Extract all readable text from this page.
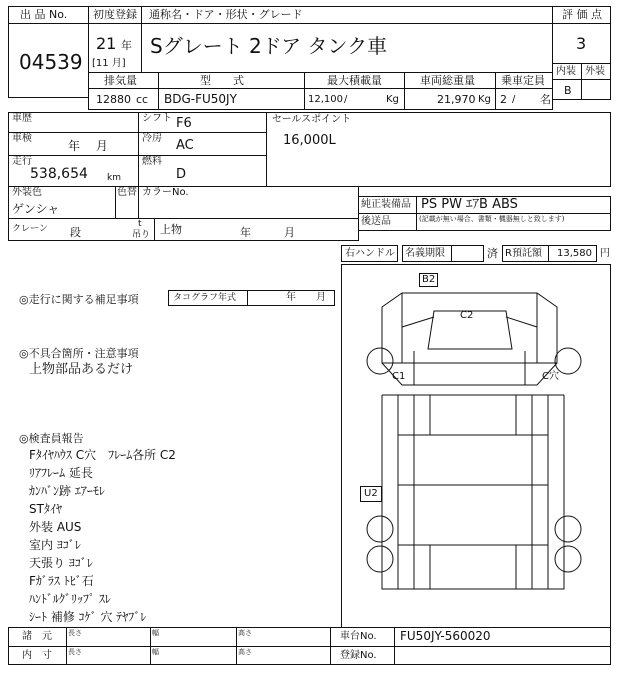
出 品 No.
04539
初度登録 通称名・ドア・形状・グレード
21 年
[11 月]
Sグレート 2ドア タンク車
評 価 点
3
内装 外装
B
排気量	型　　式	最大積載量	車両総重量 乗車定員
12880 cc BDG-FU50JY	12,100 /	Kg	21,970 Kg 2 / 名
車歴	シフト F6
車検
年　 月
冷房 AC
走行
538,654 km
燃料
D
外装色
ゲンシャ
色替 カラーNo.
セールスポイント
16,000L
純正装備品 PS PW ｴｱB ABS
後送品	(記載が無い場合、書類・機器無しと致します)
クレーン 段
t
吊り 上物	年　　　月
右ハンドル 名義期限	済 R預託額 13,580 円
◎走行に関する補足事項	タコグラフ年式	年　　月
◎不具合箇所・注意事項
上物部品あるだけ
◎検査員報告
Fﾀｲﾔﾊｳｽ C穴　ﾌﾚｰﾑ各所 C2
ﾘｱﾌﾚｰﾑ 延長
ｶﾝﾊﾞﾝ跡 ｴｱｰﾓﾚ
STﾀｲﾔ
外装 AUS
室内 ﾖｺﾞﾚ
天張り ﾖｺﾞﾚ
Fｶﾞﾗｽ ﾄﾋﾞ石
ﾊﾝﾄﾞﾙｸﾞﾘｯﾌﾟ ｽﾚ
ｼｰﾄ 補修 ｺｹﾞ 穴 ﾃﾔﾌﾞﾚ
B2
C2
C1	C穴
U2
諸　元
内　寸
長さ
長さ
幅
幅
高さ
高さ
車台No. FU50JY-560020
登録No.
